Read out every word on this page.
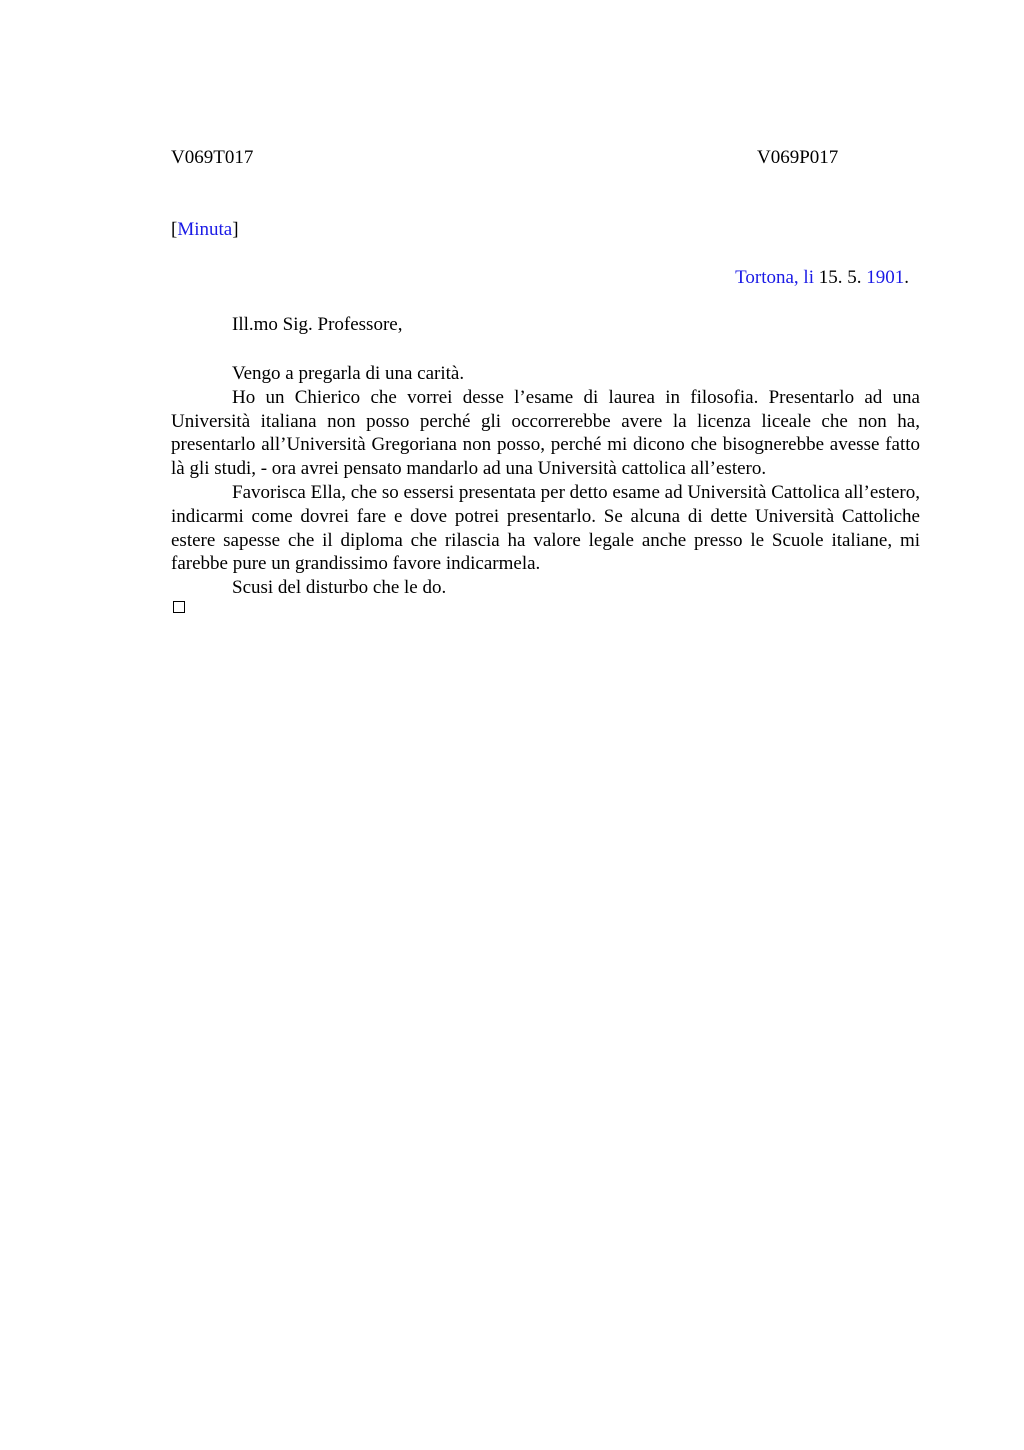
V069T017	V069P017
[Minuta]
Tortona, li 15. 5. 1901.
Ill.mo Sig. Professore,

Vengo a pregarla di una carità.

Ho un Chierico che vorrei desse l’esame di laurea in filosofia. Presentarlo ad una Università italiana non posso perché gli occorrerebbe avere la licenza liceale che non ha, presentarlo all’Università Gregoriana non posso, perché mi dicono che bisognerebbe avesse fatto là gli studi, - ora avrei pensato mandarlo ad una Università cattolica all’estero.

Favorisca Ella, che so essersi presentata per detto esame ad Università Cattolica all’estero, indicarmi come dovrei fare e dove potrei presentarlo. Se alcuna di dette Università Cattoliche estere sapesse che il diploma che rilascia ha valore legale anche presso le Scuole italiane, mi farebbe pure un grandissimo favore indicarmela.

Scusi del disturbo che le do.
